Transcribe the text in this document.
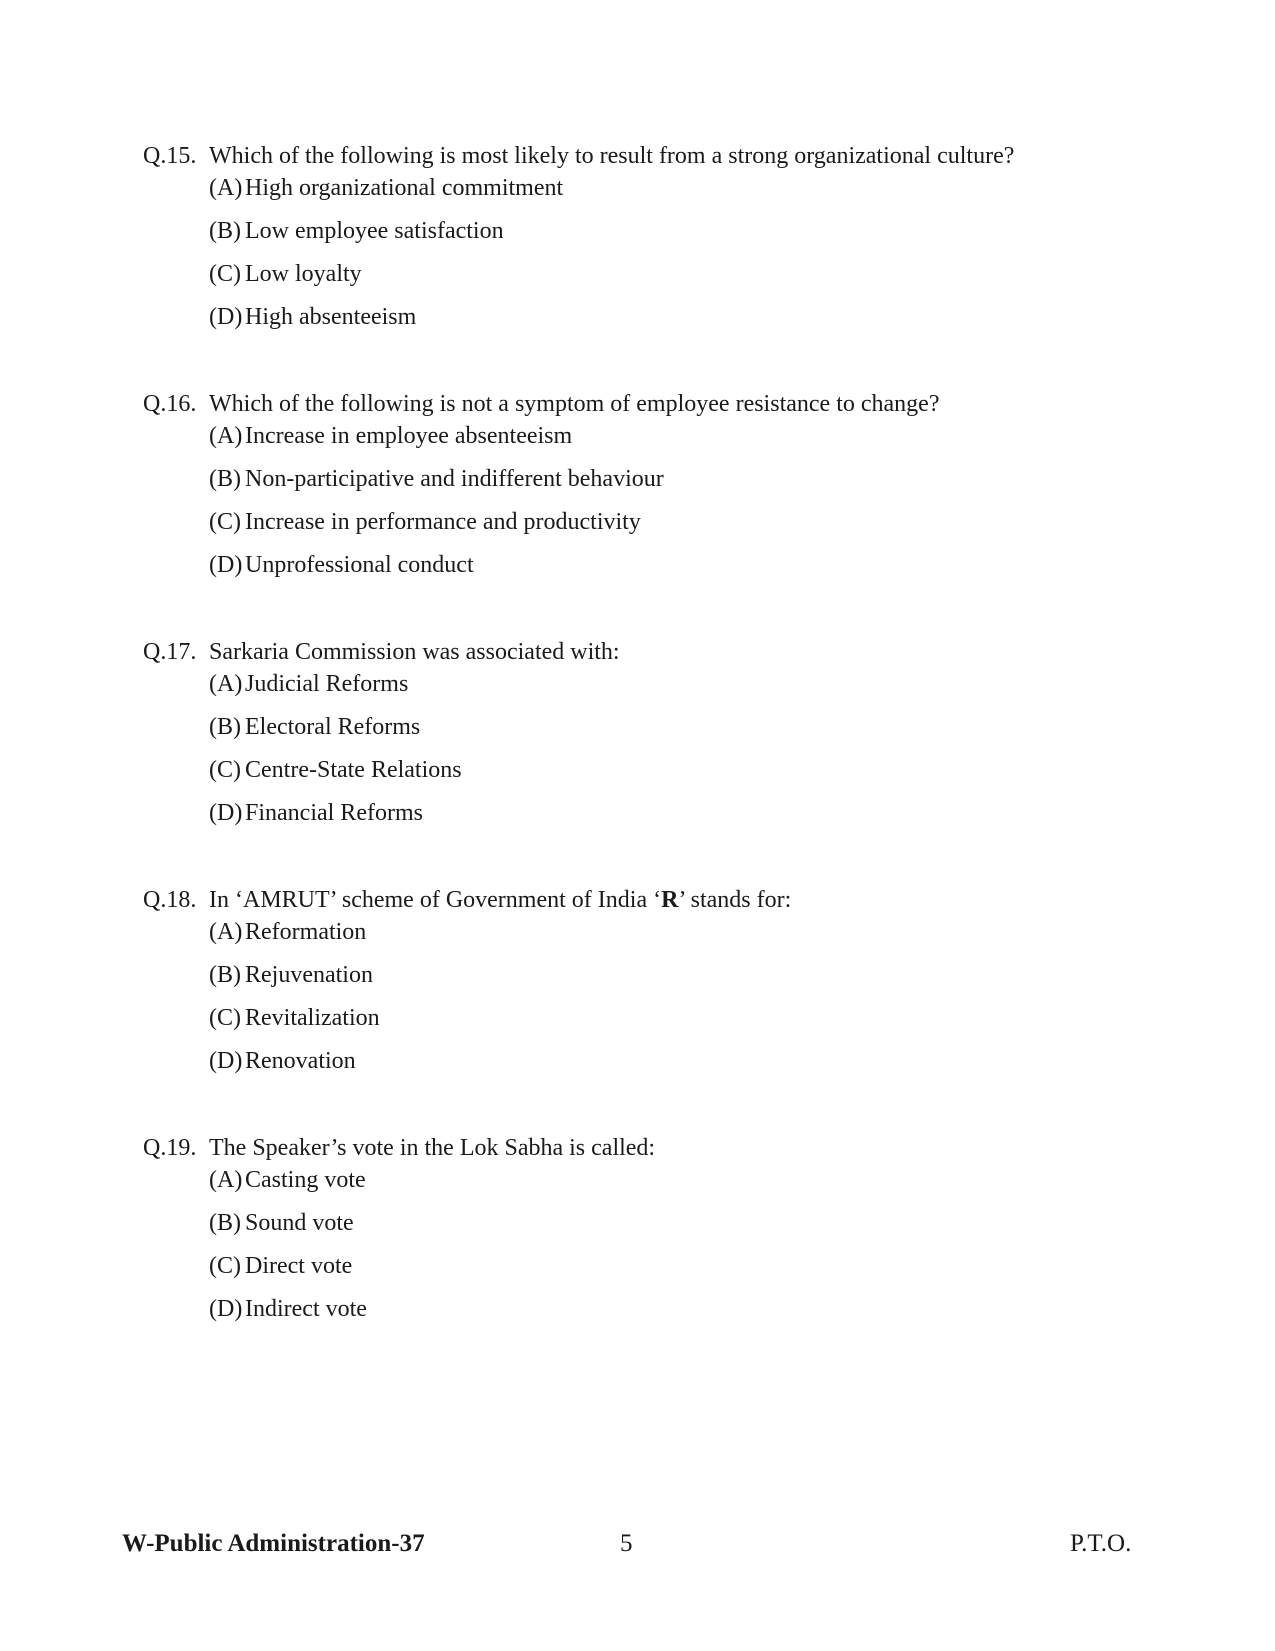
Q.15. Which of the following is most likely to result from a strong organizational culture?
(A) High organizational commitment
(B) Low employee satisfaction
(C) Low loyalty
(D) High absenteeism
Q.16. Which of the following is not a symptom of employee resistance to change?
(A) Increase in employee absenteeism
(B) Non-participative and indifferent behaviour
(C) Increase in performance and productivity
(D) Unprofessional conduct
Q.17. Sarkaria Commission was associated with:
(A) Judicial Reforms
(B) Electoral Reforms
(C) Centre-State Relations
(D) Financial Reforms
Q.18. In ‘AMRUT’ scheme of Government of India ‘R’ stands for:
(A) Reformation
(B) Rejuvenation
(C) Revitalization
(D) Renovation
Q.19. The Speaker’s vote in the Lok Sabha is called:
(A) Casting vote
(B) Sound vote
(C) Direct vote
(D) Indirect vote
W-Public Administration-37	5	P.T.O.
